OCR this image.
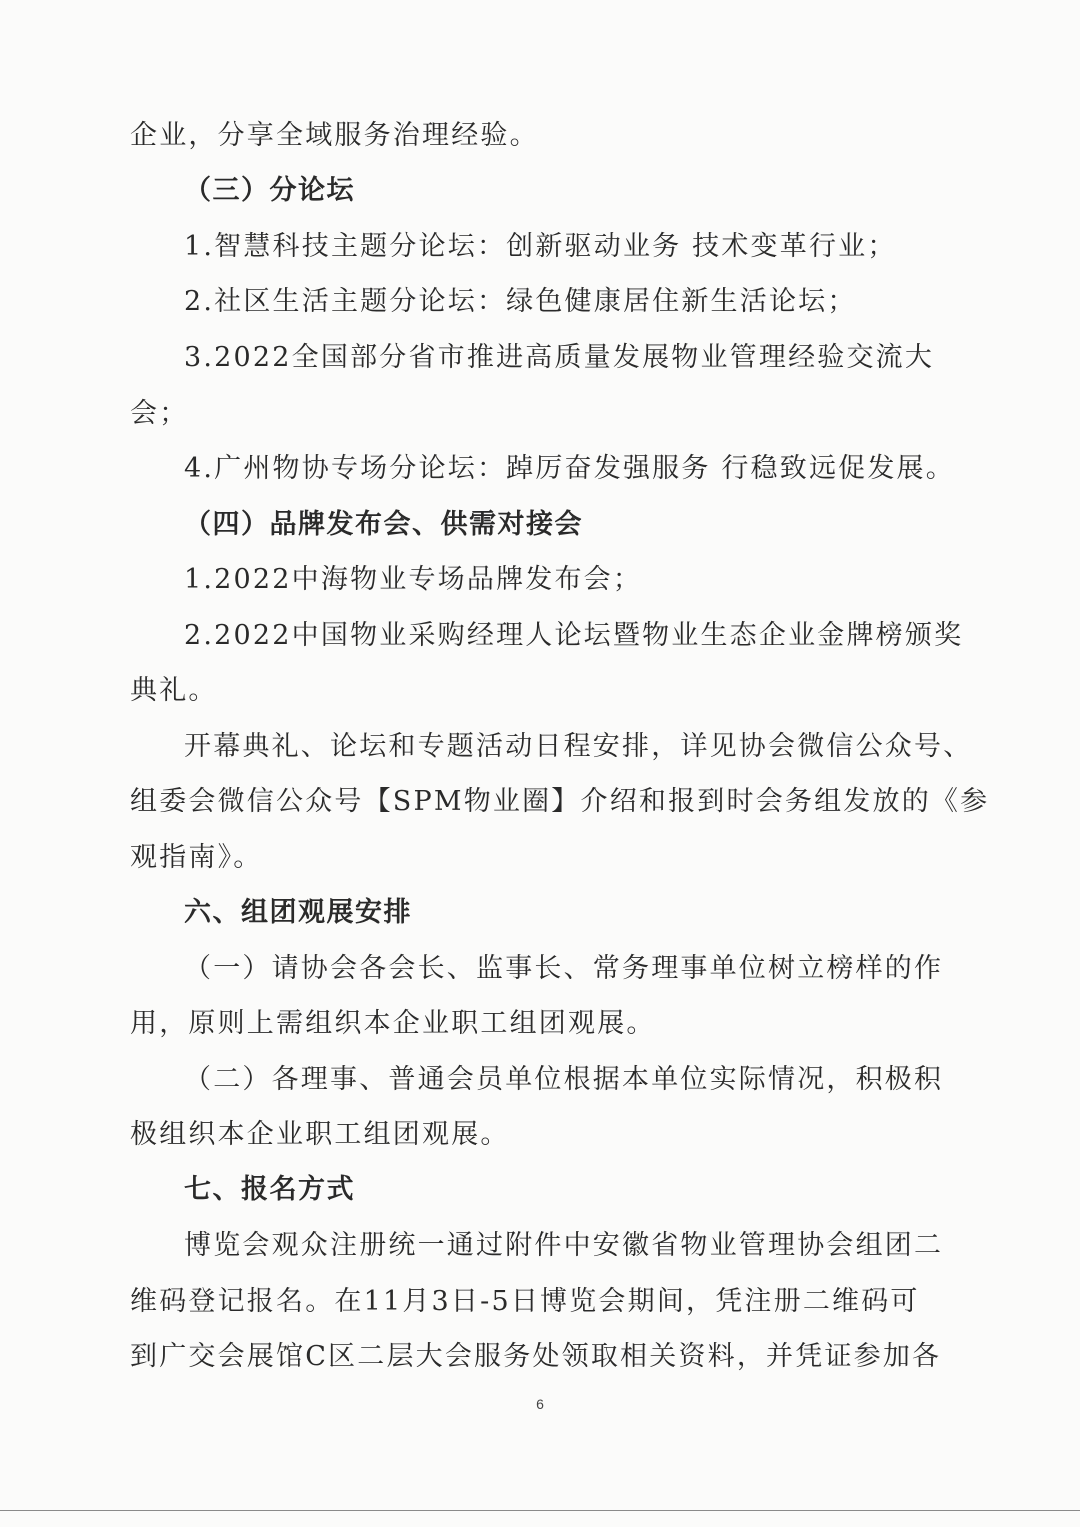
企业，分享全域服务治理经验。
（三）分论坛
1.智慧科技主题分论坛：创新驱动业务 技术变革行业；
2.社区生活主题分论坛：绿色健康居住新生活论坛；
3.2022全国部分省市推进高质量发展物业管理经验交流大
会；
4.广州物协专场分论坛：踔厉奋发强服务 行稳致远促发展。
（四）品牌发布会、供需对接会
1.2022中海物业专场品牌发布会；
2.2022中国物业采购经理人论坛暨物业生态企业金牌榜颁奖
典礼。
开幕典礼、论坛和专题活动日程安排，详见协会微信公众号、
组委会微信公众号【SPM物业圈】介绍和报到时会务组发放的《参
观指南》。
六、组团观展安排
（一）请协会各会长、监事长、常务理事单位树立榜样的作
用，原则上需组织本企业职工组团观展。
（二）各理事、普通会员单位根据本单位实际情况，积极积
极组织本企业职工组团观展。
七、报名方式
博览会观众注册统一通过附件中安徽省物业管理协会组团二
维码登记报名。在11月3日-5日博览会期间，凭注册二维码可
到广交会展馆C区二层大会服务处领取相关资料，并凭证参加各
6
